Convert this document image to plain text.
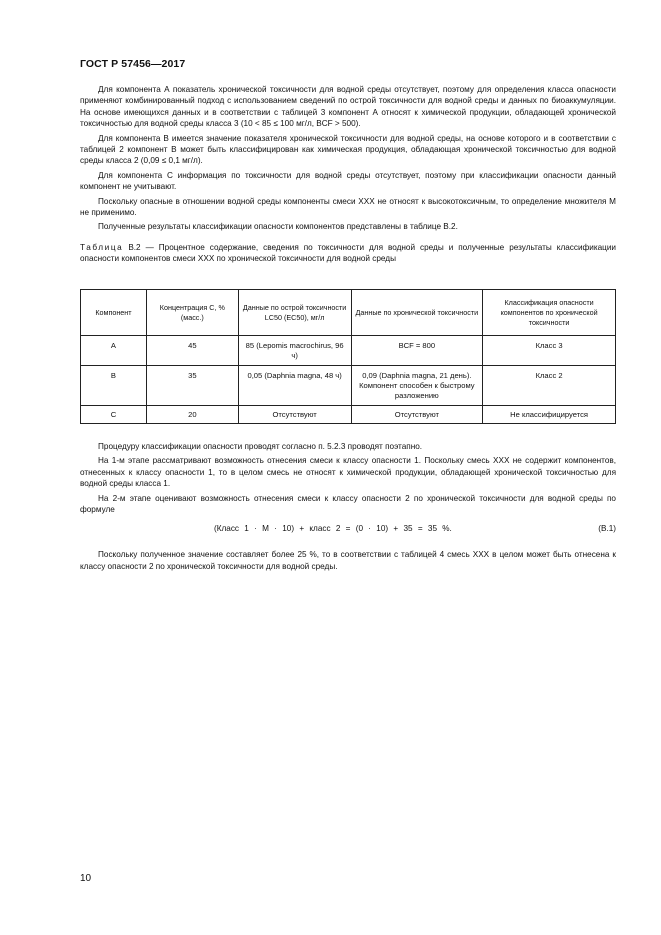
ГОСТ Р 57456—2017

Для компонента А показатель хронической токсичности для водной среды отсутствует, поэтому для определения класса опасности применяют комбинированный подход с использованием сведений по острой токсичности для водной среды и данных по биоаккумуляции. На основе имеющихся данных и в соответствии с таблицей 3 компонент А относят к химической продукции, обладающей хронической токсичностью для водной среды класса 3 (10 < 85 ≤ 100 мг/л, BCF > 500).

Для компонента В имеется значение показателя хронической токсичности для водной среды, на основе которого и в соответствии с таблицей 2 компонент В может быть классифицирован как химическая продукция, обладающая хронической токсичностью для водной среды класса 2 (0,09 ≤ 0,1 мг/л).

Для компонента С информация по токсичности для водной среды отсутствует, поэтому при классификации опасности данный компонент не учитывают.

Поскольку опасные в отношении водной среды компоненты смеси XXX не относят к высокотоксичным, то определение множителя М не применимо.

Полученные результаты классификации опасности компонентов представлены в таблице В.2.

Таблица В.2 — Процентное содержание, сведения по токсичности для водной среды и полученные результаты классификации опасности компонентов смеси XXX по хронической токсичности для водной среды

Компонент	Концентрация С, % (масс.)	Данные по острой токсичности LC50 (EC50), мг/л	Данные по хронической токсичности	Классификация опасности компонентов по хронической токсичности
А	45	85 (Lepomis macrochirus, 96 ч)	BCF = 800	Класс 3
В	35	0,05 (Daphnia magna, 48 ч)	0,09 (Daphnia magna, 21 день). Компонент способен к быстрому разложению	Класс 2
С	20	Отсутствуют	Отсутствуют	Не классифицируется

Процедуру классификации опасности проводят согласно п. 5.2.3 проводят поэтапно.

На 1-м этапе рассматривают возможность отнесения смеси к классу опасности 1. Поскольку смесь XXX не содержит компонентов, отнесенных к классу опасности 1, то в целом смесь не относят к химической продукции, обладающей хронической токсичностью для водной среды класса 1.

На 2-м этапе оценивают возможность отнесения смеси к классу опасности 2 по хронической токсичности для водной среды по формуле

(Класс 1 · М · 10) + класс 2 = (0 · 10) + 35 = 35 %.	(В.1)

Поскольку полученное значение составляет более 25 %, то в соответствии с таблицей 4 смесь XXX в целом может быть отнесена к классу опасности 2 по хронической токсичности для водной среды.

10
